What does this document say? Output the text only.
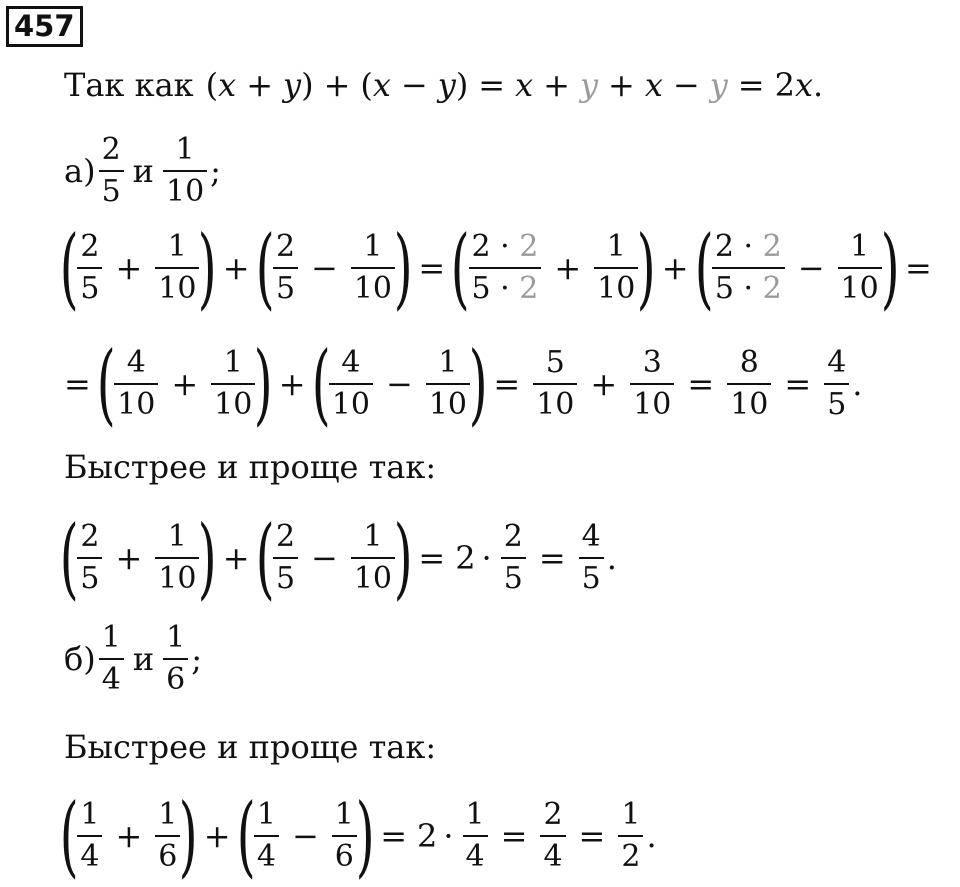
457
Так как ( x + y ) + ( x − y ) = x + y + x − y = 2 x .
$а) \frac{2}{5}$ и $\frac{1}{10}$ ;
(
$\frac{2}{5} + \frac{1}{10}$
) + (
$\frac{2}{5} - \frac{1}{10}$
) = (
$\frac{2 \cdot 2}{5 \cdot 2} + \frac{1}{10}$
) + (
$\frac{2 \cdot 2}{5 \cdot 2} - \frac{1}{10}$
) =
= (
$\frac{4}{10} + \frac{1}{10}$
) + (
$\frac{4}{10} - \frac{1}{10}$
) = $\frac{5}{10} + \frac{3}{10} = \frac{8}{10} = \frac{4}{5}$ .
Быстрее и проще так:
(
$\frac{2}{5} + \frac{1}{10}$
) + (
$\frac{2}{5} - \frac{1}{10}$
) = $2 \cdot \frac{2}{5} = \frac{4}{5}$ .
$б) \frac{1}{4}$ и $\frac{1}{6}$ ;
Быстрее и проще так:
(
$\frac{1}{4} + \frac{1}{6}$
) + (
$\frac{1}{4} - \frac{1}{6}$
) = $2 \cdot \frac{1}{4} = \frac{2}{4} = \frac{1}{2}$ .
